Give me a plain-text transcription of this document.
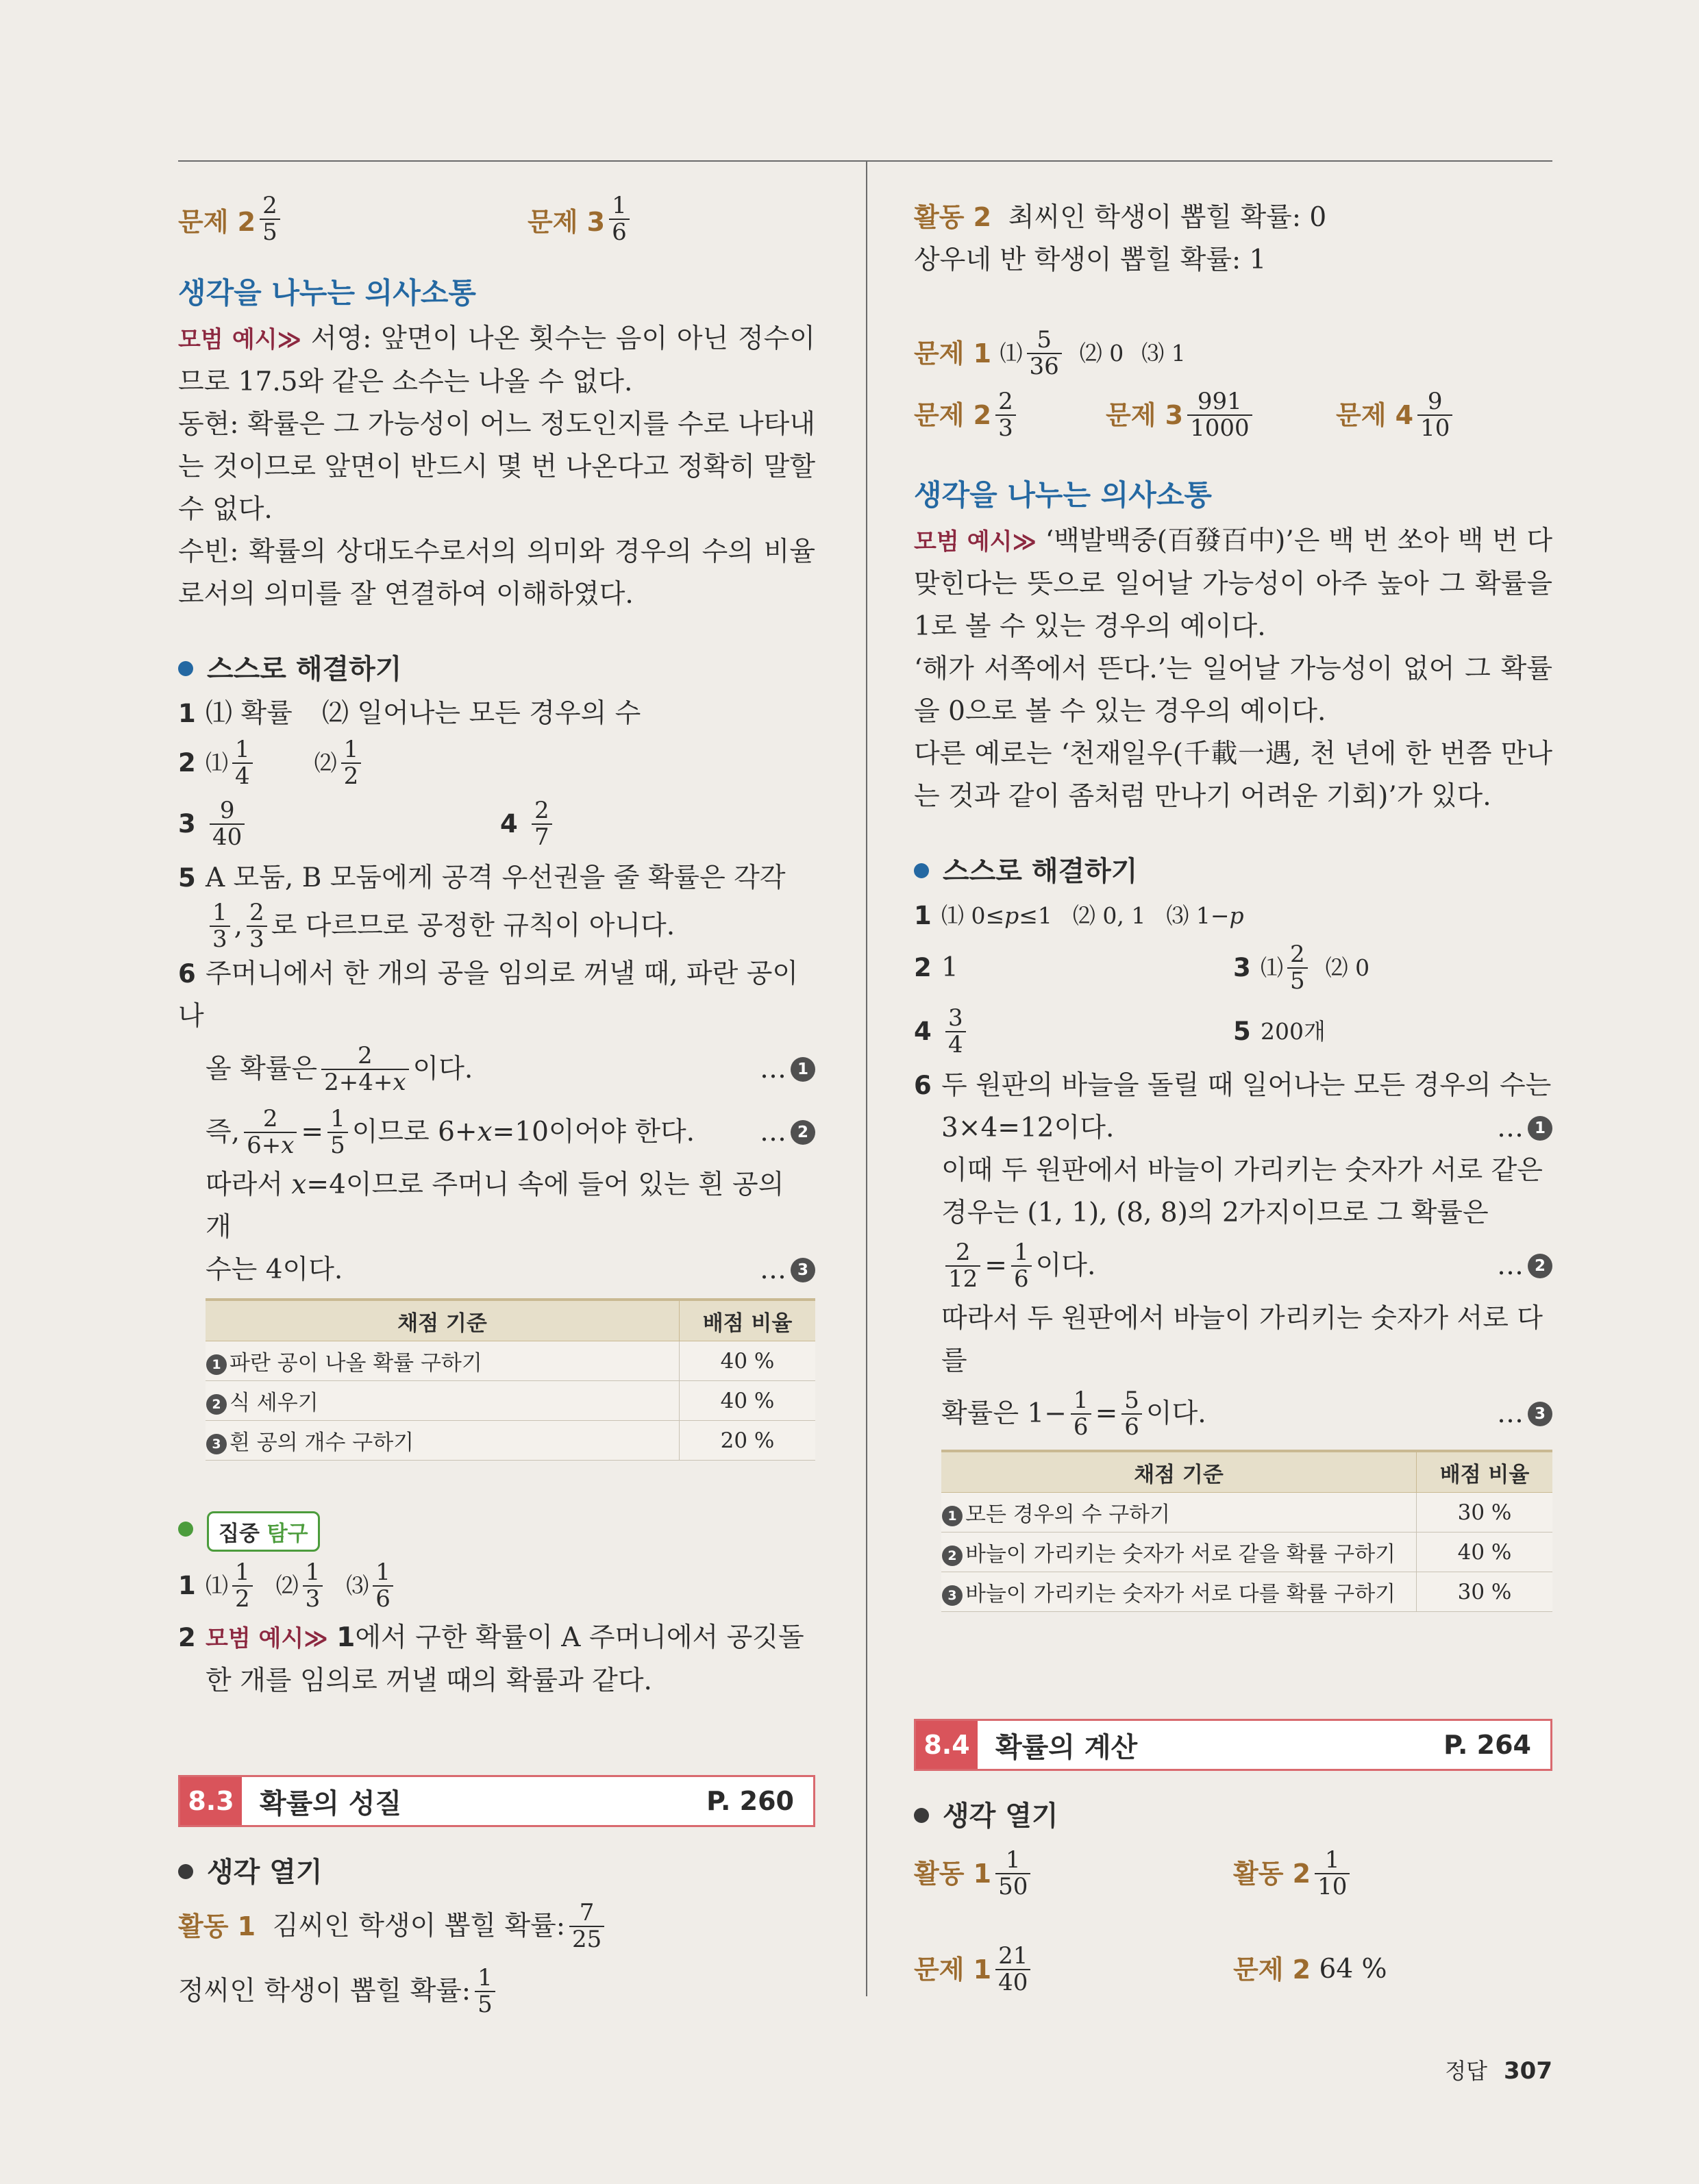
문제 $2 \frac{2}{5}$	문제 $3 \frac{1}{6}$
생각을 나누는 의사소통

모범 예시≫ 서영: 앞면이 나온 횟수는 음이 아닌 정수이므로 17.5와 같은 소수는 나올 수 없다.

동현: 확률은 그 가능성이 어느 정도인지를 수로 나타내는 것이므로 앞면이 반드시 몇 번 나온다고 정확히 말할 수 없다.

수빈: 확률의 상대도수로서의 의미와 경우의 수의 비율로서의 의미를 잘 연결하여 이해하였다.

스스로 해결하기
1 ⑴ 확률	⑵ 일어나는 모든 경우의 수
2 ⑴ $\frac{1}{4}$	⑵ $\frac{1}{2}$
$3 \frac{9}{40}$	$4 \frac{2}{7}$

5 A 모둠, B 모둠에게 공격 우선권을 줄 확률은 각각

$\frac{1}{3}$ , $\frac{2}{3}$ 로 다르므로 공정한 규칙이 아니다.

6 주머니에서 한 개의 공을 임의로 꺼낼 때, 파란 공이 나

올 확률은 $\frac{2}{\text{2+4+𝑥}}$ 이다.	… 1
즉, $\frac{2}{\text{6+𝑥}} = \frac{1}{5}$ 이므로 6+𝑥=10이어야 한다. … 2

따라서 𝑥=4이므로 주머니 속에 들어 있는 흰 공의 개

수는 4이다.	… 3
채점 기준	배점 비율
1 파란 공이 나올 확률 구하기	40 %
2 식 세우기	40 %
3 흰 공의 개수 구하기	20 %
집중 탐구
1 ⑴ $\frac{1}{2}$ ⑵ $\frac{1}{3}$ ⑶ $\frac{1}{6}$

2 모범 예시≫ 1에서 구한 확률이 A 주머니에서 공깃돌

한 개를 임의로 꺼낼 때의 확률과 같다.

8.3 확률의 성질	P. 260
생각 열기
활동 1
김씨인 학생이 뽑힐 확률: $\frac{7}{25}$
정씨인 학생이 뽑힐 확률: $\frac{1}{5}$

활동 2 최씨인 학생이 뽑힐 확률: 0

상우네 반 학생이 뽑힐 확률: 1

문제 1
⑴ $\frac{5}{36}$ ⑵ 0 ⑶ 1
문제 $2 \frac{2}{3}$	문제 $3 \frac{991}{1000}$	문제 $4 \frac{9}{10}$
생각을 나누는 의사소통

모범 예시≫ ‘백발백중(百發百中)’은 백 번 쏘아 백 번 다 맞힌다는 뜻으로 일어날 가능성이 아주 높아 그 확률을 1로 볼 수 있는 경우의 예이다.

‘해가 서쪽에서 뜬다.’는 일어날 가능성이 없어 그 확률을 0으로 볼 수 있는 경우의 예이다.

다른 예로는 ‘천재일우(千載一遇, 천 년에 한 번쯤 만나는 것과 같이 좀처럼 만나기 어려운 기회)’가 있다.

스스로 해결하기
1 ⑴ 0≤𝑝≤1 ⑵ 0, 1 ⑶ 1−𝑝
2 1	3 ⑴ $\frac{2}{5}$ ⑵ 0
$4 \frac{3}{4}$	5 200개

6 두 원판의 바늘을 돌릴 때 일어나는 모든 경우의 수는

3×4=12이다.	… 1

이때 두 원판에서 바늘이 가리키는 숫자가 서로 같은

경우는 (1, 1), (8, 8)의 2가지이므로 그 확률은

$\frac{2}{12} = \frac{1}{6}$ 이다.	… 2

따라서 두 원판에서 바늘이 가리키는 숫자가 서로 다를

확률은 $1- \frac{1}{6} = \frac{5}{6}$ 이다.	… 3
채점 기준	배점 비율
1 모든 경우의 수 구하기	30 %
2 바늘이 가리키는 숫자가 서로 같을 확률 구하기	40 %
3 바늘이 가리키는 숫자가 서로 다를 확률 구하기	30 %
8.4 확률의 계산	P. 264
생각 열기
활동 $1 \frac{1}{50}$	활동 $2 \frac{1}{10}$
문제 $1 \frac{21}{40}$	문제 2
64 %
정답 307
